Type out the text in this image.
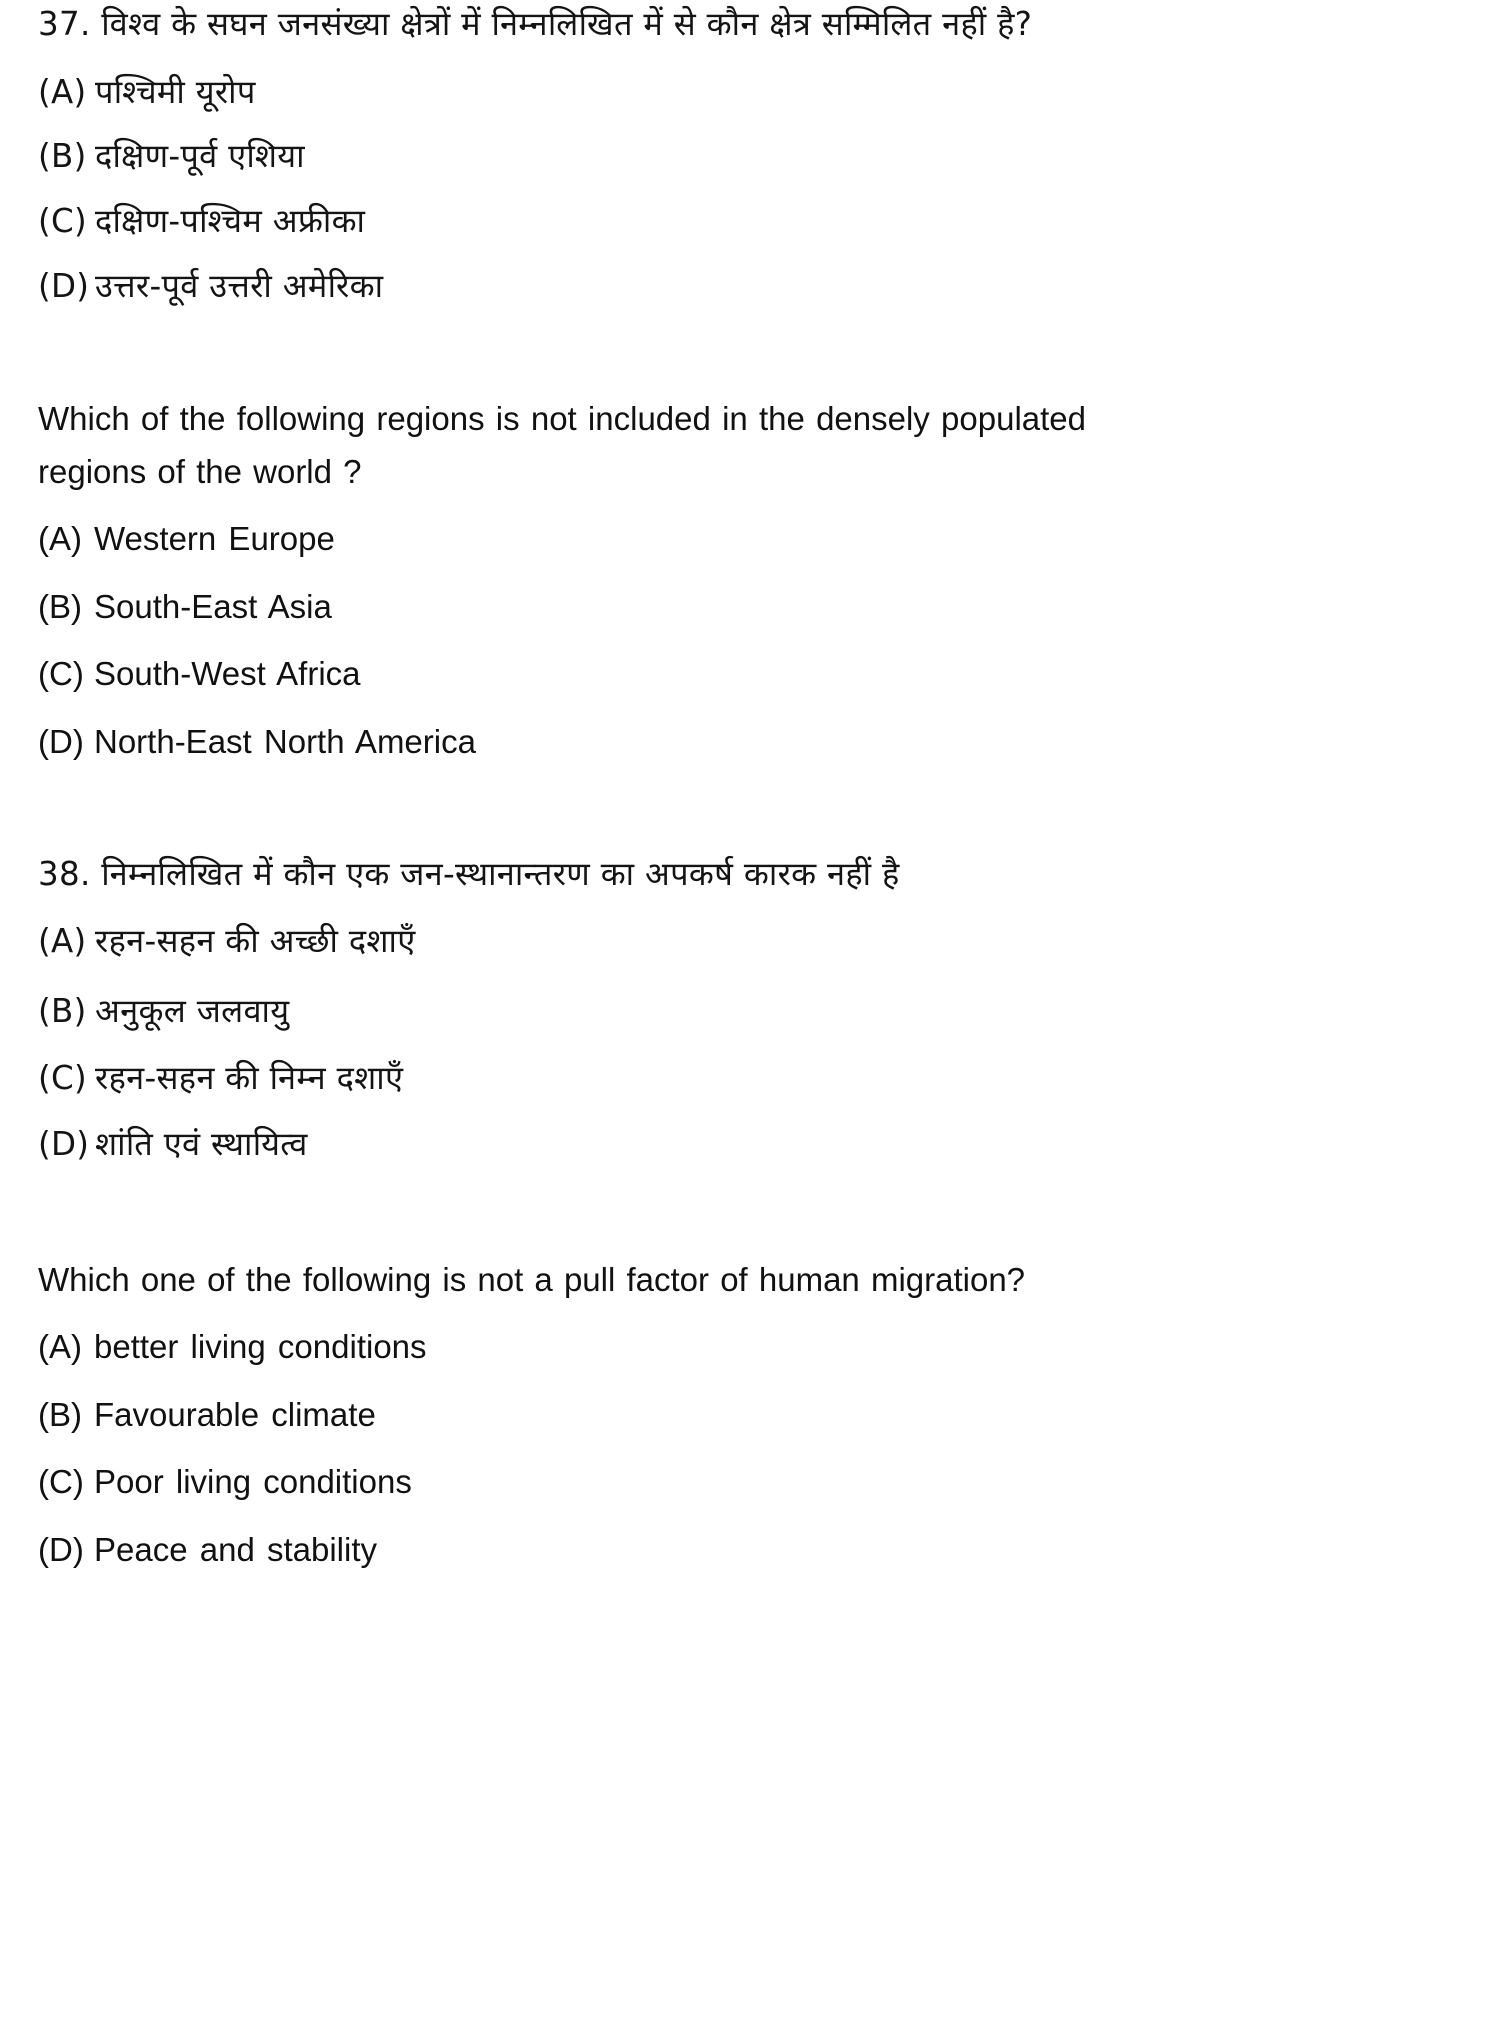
37. विश्व के सघन जनसंख्या क्षेत्रों में निम्नलिखित में से कौन क्षेत्र सम्मिलित नहीं है?
(A) पश्चिमी यूरोप
(B) दक्षिण-पूर्व एशिया
(C) दक्षिण-पश्चिम अफ्रीका
(D) उत्तर-पूर्व उत्तरी अमेरिका
Which of the following regions is not included in the densely populated
regions of the world ?
(A) Western Europe
(B) South-East Asia
(C) South-West Africa
(D) North-East North America
38. निम्नलिखित में कौन एक जन-स्थानान्तरण का अपकर्ष कारक नहीं है
(A) रहन-सहन की अच्छी दशाएँ
(B) अनुकूल जलवायु
(C) रहन-सहन की निम्न दशाएँ
(D) शांति एवं स्थायित्व
Which one of the following is not a pull factor of human migration?
(A) better living conditions
(B) Favourable climate
(C) Poor living conditions
(D) Peace and stability
